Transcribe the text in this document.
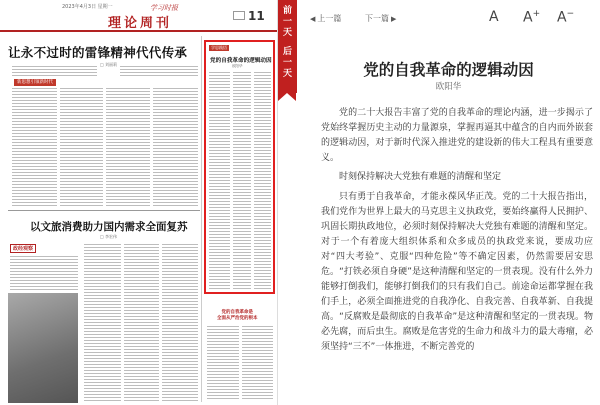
2023年4月3日 星期一	学习时报
理论周刊	11
让永不过时的雷锋精神代代传承
□ 刘丽莉
新思想引领新时代
以文旅消费助力国内需求全面复苏
□ 李宏伟
政经观察
学思践悟
党的自我革命的逻辑动因
欧阳华
党的自我革命是
全面从严治党的根本
前
一
天
后
一
天
◀ 上一篇	下一篇 ▶	A A+ A−
党的自我革命的逻辑动因
欧阳华

党的二十大报告丰富了党的自我革命的理论内涵，进一步揭示了党始终掌握历史主动的力量源泉，掌握再逼其中蕴含的自内而外嵌套的逻辑动因，对于新时代深入推进党的建设新的伟大工程具有重要意义。

时刻保持解决大党独有难题的清醒和坚定

只有勇于自我革命，才能永葆风华正茂。党的二十大报告指出，我们党作为世界上最大的马克思主义执政党，要始终赢得人民拥护、巩固长期执政地位，必须时刻保持解决大党独有难题的清醒和坚定。对于一个有着庞大组织体系和众多成员的执政党来说，要成功应对“四大考验”、克服“四种危险”等不确定因素，仍然需要居安思危。“打铁必须自身硬”是这种清醒和坚定的一贯表现。没有什么外力能够打倒我们，能够打倒我们的只有我们自己。前途命运都掌握在我们手上，必须全面推进党的自我净化、自我完善、自我革新、自我提高。“反腐败是最彻底的自我革命”是这种清醒和坚定的一贯表现。物必先腐，而后虫生。腐败是危害党的生命力和战斗力的最大毒瘤，必须坚持“三不”一体推进，不断完善党的
